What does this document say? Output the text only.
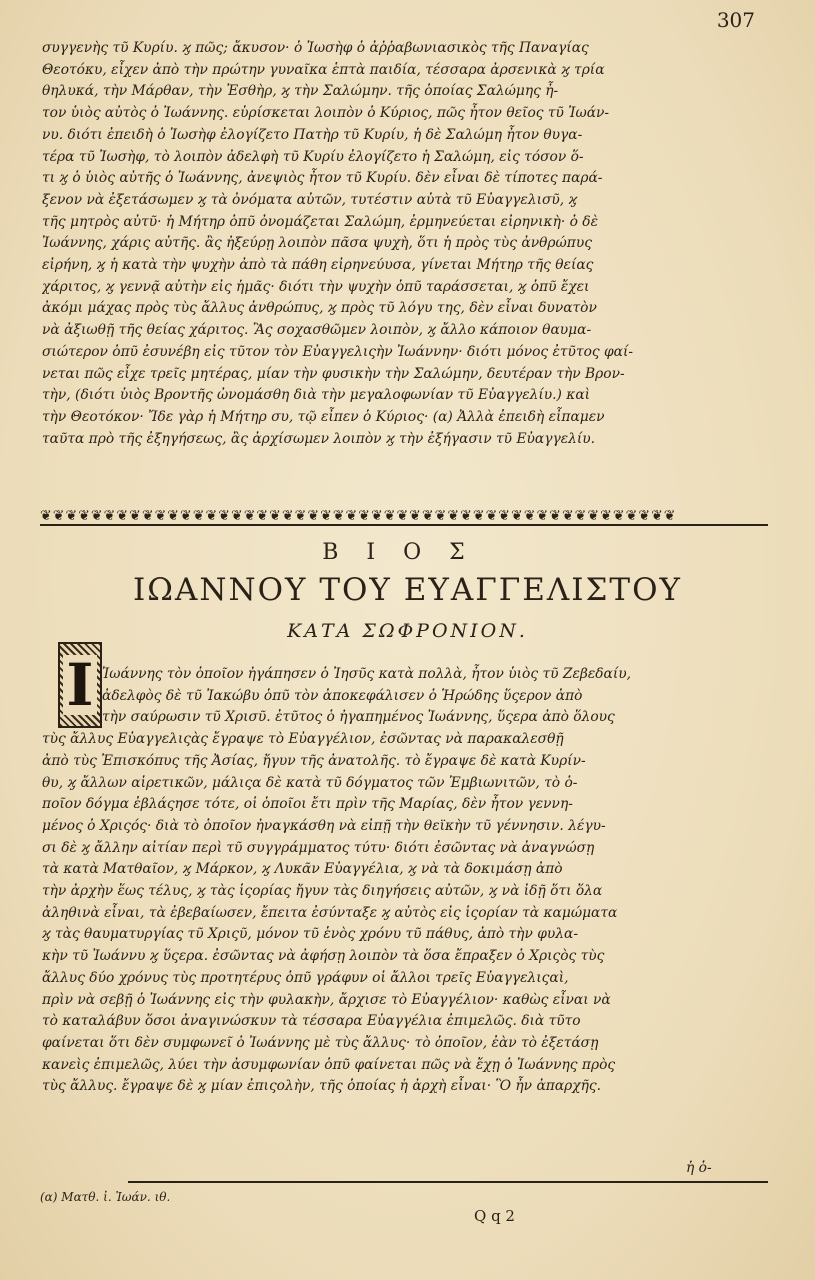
307
συγγενὴς τῦ Κυρίυ. ϗ πῶς; ἄκυσον· ὁ Ἰωσὴφ ὁ ἀῤῥαβωνιασικὸς τῆς Παναγίας
Θεοτόκυ, εἶχεν ἀπὸ τὴν πρώτην γυναῖκα ἑπτὰ παιδία, τέσσαρα ἀρσενικὰ ϗ τρία
θηλυκά, τὴν Μάρθαν, τὴν Ἐσθὴρ, ϗ τὴν Σαλώμην. τῆς ὁποίας Σαλώμης ἦ-
τον ὑιὸς αὐτὸς ὁ Ἰωάννης. εὑρίσκεται λοιπὸν ὁ Κύριος, πῶς ἦτον θεῖος τῦ Ἰωάν-
νυ. διότι ἐπειδὴ ὁ Ἰωσὴφ ἐλογίζετο Πατὴρ τῦ Κυρίυ, ἡ δὲ Σαλώμη ἦτον θυγα-
τέρα τῦ Ἰωσὴφ, τὸ λοιπὸν ἀδελφὴ τῦ Κυρίυ ἐλογίζετο ἡ Σαλώμη, εἰς τόσον ὅ-
τι ϗ ὁ ὑιὸς αὐτῆς ὁ Ἰωάννης, ἀνεψιὸς ἦτον τῦ Κυρίυ. δὲν εἶναι δὲ τίποτες παρά-
ξενον νὰ ἐξετάσωμεν ϗ τὰ ὀνόματα αὐτῶν, τυτέστιν αὐτὰ τῦ Εὐαγγελισῦ, ϗ
τῆς μητρὸς αὐτῦ· ἡ Μήτηρ ὁπῦ ὀνομάζεται Σαλώμη, ἑρμηνεύεται εἰρηνικὴ· ὁ δὲ
Ἰωάννης, χάρις αὐτῆς. ἂς ἠξεύρῃ λοιπὸν πᾶσα ψυχὴ, ὅτι ἡ πρὸς τὺς ἀνθρώπυς
εἰρήνη, ϗ ἡ κατὰ τὴν ψυχὴν ἀπὸ τὰ πάθη εἰρηνεύυσα, γίνεται Μήτηρ τῆς θείας
χάριτος, ϗ γεννᾷ αὐτὴν εἰς ἡμᾶς· διότι τὴν ψυχὴν ὁπῦ ταράσσεται, ϗ ὁπῦ ἔχει
ἀκόμι μάχας πρὸς τὺς ἄλλυς ἀνθρώπυς, ϗ πρὸς τῦ λόγυ της, δὲν εἶναι δυνατὸν
νὰ ἀξιωθῇ τῆς θείας χάριτος. Ἂς σοχασθῶμεν λοιπὸν, ϗ ἄλλο κάποιον θαυμα-
σιώτερον ὁπῦ ἐσυνέβη εἰς τῦτον τὸν Εὐαγγελιςὴν Ἰωάννην· διότι μόνος ἐτῦτος φαί-
νεται πῶς εἶχε τρεῖς μητέρας, μίαν τὴν φυσικὴν τὴν Σαλώμην, δευτέραν τὴν Βρον-
τὴν, (διότι ὑιὸς Βροντῆς ὠνομάσθη διὰ τὴν μεγαλοφωνίαν τῦ Εὐαγγελίυ.) καὶ
τὴν Θεοτόκον· Ἴδε γὰρ ἡ Μήτηρ συ, τῷ εἶπεν ὁ Κύριος· (α) Ἀλλὰ ἐπειδὴ εἶπαμεν
ταῦτα πρὸ τῆς ἐξηγήσεως, ἂς ἀρχίσωμεν λοιπὸν ϗ τὴν ἐξήγασιν τῦ Εὐαγγελίυ.
❦❦❦❦❦❦❦❦❦❦❦❦❦❦❦❦❦❦❦❦❦❦❦❦❦❦❦❦❦❦❦❦❦❦❦❦❦❦❦❦❦❦❦❦❦❦❦❦❦❦
ΒΙΟΣ
ΙΩΑΝΝΟΥ ΤΟΥ ΕΥΑΓΓΕΛΙΣΤΟΥ
ΚΑΤΑ ΣΩΦΡΟΝΙΟΝ.
Ι Ἰωάννης τὸν ὁποῖον ἠγάπησεν ὁ Ἰησῦς κατὰ πολλὰ, ἦτον ὑιὸς τῦ Ζεβεδαίυ,
ἀδελφὸς δὲ τῦ Ἰακώβυ ὁπῦ τὸν ἀποκεφάλισεν ὁ Ἡρώδης ὕςερον ἀπὸ
τὴν σαύρωσιν τῦ Χρισῦ. ἐτῦτος ὁ ἠγαπημένος Ἰωάννης, ὕςερα ἀπὸ ὅλους
τὺς ἄλλυς Εὐαγγελιςὰς ἔγραψε τὸ Εὐαγγέλιον, ἐσῶντας νὰ παρακαλεσθῇ
ἀπὸ τὺς Ἐπισκόπυς τῆς Ἀσίας, ἤγυν τῆς ἀνατολῆς. τὸ ἔγραψε δὲ κατὰ Κυρίν-
θυ, ϗ ἄλλων αἱρετικῶν, μάλιςα δὲ κατὰ τῦ δόγματος τῶν Ἐμβιωνιτῶν, τὸ ὁ-
ποῖον δόγμα ἐβλάςησε τότε, οἱ ὁποῖοι ἔτι πρὶν τῆς Μαρίας, δὲν ἦτον γεννη-
μένος ὁ Χριςός· διὰ τὸ ὁποῖον ἠναγκάσθη νὰ εἰπῇ τὴν θεϊκὴν τῦ γέννησιν. λέγυ-
σι δὲ ϗ ἄλλην αἰτίαν περὶ τῦ συγγράμματος τύτυ· διότι ἐσῶντας νὰ ἀναγνώσῃ
τὰ κατὰ Ματθαῖον, ϗ Μάρκον, ϗ Λυκᾶν Εὐαγγέλια, ϗ νὰ τὰ δοκιμάσῃ ἀπὸ
τὴν ἀρχὴν ἕως τέλυς, ϗ τὰς ἱςορίας ἤγυν τὰς διηγήσεις αὐτῶν, ϗ νὰ ἰδῇ ὅτι ὅλα
ἀληθινὰ εἶναι, τὰ ἐβεβαίωσεν, ἔπειτα ἐσύνταξε ϗ αὐτὸς εἰς ἱςορίαν τὰ καμώματα
ϗ τὰς θαυματυργίας τῦ Χριςῦ, μόνον τῦ ἑνὸς χρόνυ τῦ πάθυς, ἀπὸ τὴν φυλα-
κὴν τῦ Ἰωάννυ ϗ ὕςερα. ἐσῶντας νὰ ἀφήσῃ λοιπὸν τὰ ὅσα ἔπραξεν ὁ Χριςὸς τὺς
ἄλλυς δύο χρόνυς τὺς προτητέρυς ὁπῦ γράφυν οἱ ἄλλοι τρεῖς Εὐαγγελιςαὶ,
πρὶν νὰ σεβῇ ὁ Ἰωάννης εἰς τὴν φυλακὴν, ἄρχισε τὸ Εὐαγγέλιον· καθὼς εἶναι νὰ
τὸ καταλάβυν ὅσοι ἀναγινώσκυν τὰ τέσσαρα Εὐαγγέλια ἐπιμελῶς. διὰ τῦτο
φαίνεται ὅτι δὲν συμφωνεῖ ὁ Ἰωάννης μὲ τὺς ἄλλυς· τὸ ὁποῖον, ἐὰν τὸ ἐξετάσῃ
κανεὶς ἐπιμελῶς, λύει τὴν ἀσυμφωνίαν ὁπῦ φαίνεται πῶς νὰ ἔχῃ ὁ Ἰωάννης πρὸς
τὺς ἄλλυς. ἔγραψε δὲ ϗ μίαν ἐπιςολὴν, τῆς ὁποίας ἡ ἀρχὴ εἶναι· Ὃ ἦν ἀπαρχῆς.
ἡ ὁ-
(α) Ματθ. ἰ. Ἰωάν. ιθ.
Q q 2
